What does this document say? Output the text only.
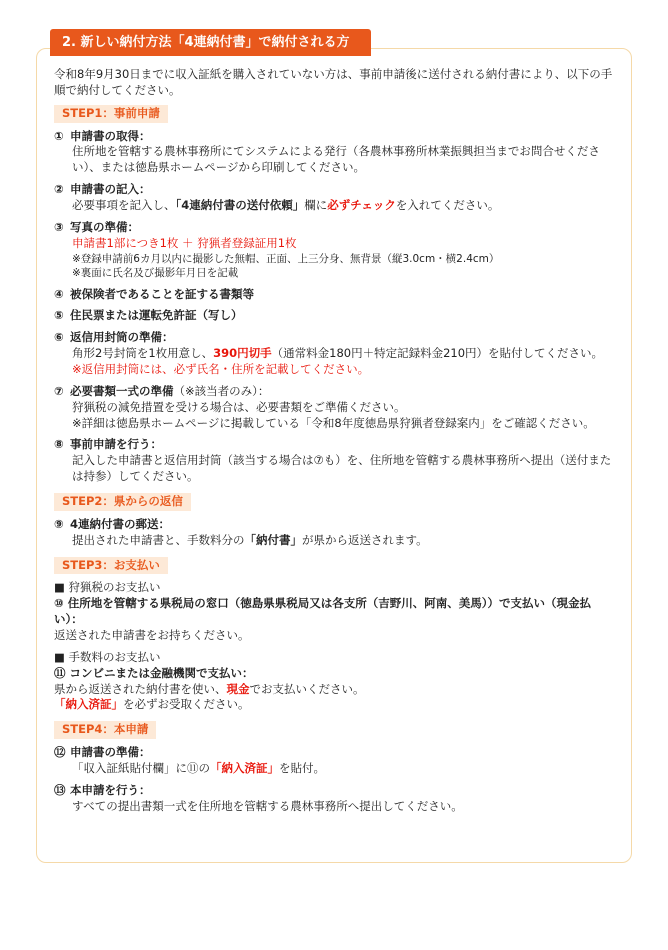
2. 新しい納付方法「4連納付書」で納付される方

令和8年9月30日までに収入証紙を購入されていない方は、事前申請後に送付される納付書により、以下の手順で納付してください。

STEP1：事前申請
① 申請書の取得：
住所地を管轄する農林事務所にてシステムによる発行（各農林事務所林業振興担当までお問合せください）、または徳島県ホームページから印刷してください。
② 申請書の記入：
必要事項を記入し、「4連納付書の送付依頼」欄に必ずチェックを入れてください。
③ 写真の準備：
申請書1部につき1枚 ＋ 狩猟者登録証用1枚
※登録申請前6カ月以内に撮影した無帽、正面、上三分身、無背景（縦3.0cm・横2.4cm）
※裏面に氏名及び撮影年月日を記載
④ 被保険者であることを証する書類等
⑤ 住民票または運転免許証（写し）
⑥ 返信用封筒の準備：
角形2号封筒を1枚用意し、390円切手（通常料金180円＋特定記録料金210円）を貼付してください。
※返信用封筒には、必ず氏名・住所を記載してください。
⑦ 必要書類一式の準備（※該当者のみ）：
狩猟税の減免措置を受ける場合は、必要書類をご準備ください。
※詳細は徳島県ホームページに掲載している「令和8年度徳島県狩猟者登録案内」をご確認ください。
⑧ 事前申請を行う：
記入した申請書と返信用封筒（該当する場合は⑦も）を、住所地を管轄する農林事務所へ提出（送付または持参）してください。
STEP2：県からの返信
⑨ 4連納付書の郵送：
提出された申請書と、手数料分の「納付書」が県から返送されます。
STEP3：お支払い
■ 狩猟税のお支払い
⑩ 住所地を管轄する県税局の窓口（徳島県県税局又は各支所（吉野川、阿南、美馬））で支払い（現金払い）：
返送された申請書をお持ちください。
■ 手数料のお支払い
⑪ コンビニまたは金融機関で支払い：
県から返送された納付書を使い、現金でお支払いください。
「納入済証」を必ずお受取ください。
STEP4：本申請
⑫ 申請書の準備：
「収入証紙貼付欄」に⑪の「納入済証」を貼付。
⑬ 本申請を行う：
すべての提出書類一式を住所地を管轄する農林事務所へ提出してください。
